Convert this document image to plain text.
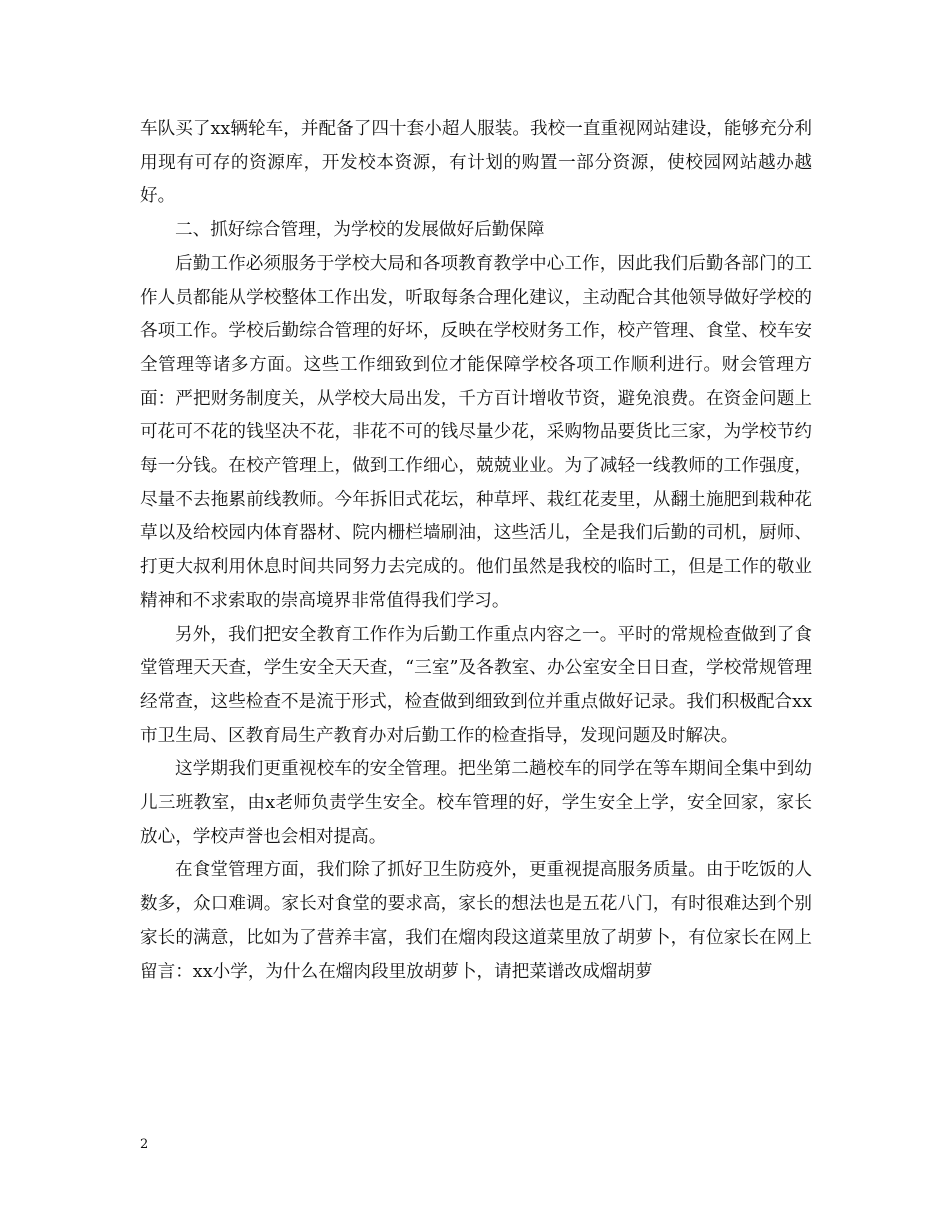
车队买了xx辆轮车，并配备了四十套小超人服装。我校一直重视网站建设，能够充分利用现有可存的资源库，开发校本资源，有计划的购置一部分资源，使校园网站越办越好。

二、抓好综合管理，为学校的发展做好后勤保障

后勤工作必须服务于学校大局和各项教育教学中心工作，因此我们后勤各部门的工作人员都能从学校整体工作出发，听取每条合理化建议，主动配合其他领导做好学校的各项工作。学校后勤综合管理的好坏，反映在学校财务工作，校产管理、食堂、校车安全管理等诸多方面。这些工作细致到位才能保障学校各项工作顺利进行。财会管理方面：严把财务制度关，从学校大局出发，千方百计增收节资，避免浪费。在资金问题上可花可不花的钱坚决不花，非花不可的钱尽量少花，采购物品要货比三家，为学校节约每一分钱。在校产管理上，做到工作细心，兢兢业业。为了减轻一线教师的工作强度，尽量不去拖累前线教师。今年拆旧式花坛，种草坪、栽红花麦里，从翻土施肥到栽种花草以及给校园内体育器材、院内栅栏墙刷油，这些活儿，全是我们后勤的司机，厨师、打更大叔利用休息时间共同努力去完成的。他们虽然是我校的临时工，但是工作的敬业精神和不求索取的崇高境界非常值得我们学习。

另外，我们把安全教育工作作为后勤工作重点内容之一。平时的常规检查做到了食堂管理天天查，学生安全天天查，“三室”及各教室、办公室安全日日查，学校常规管理经常查，这些检查不是流于形式，检查做到细致到位并重点做好记录。我们积极配合xx市卫生局、区教育局生产教育办对后勤工作的检查指导，发现问题及时解决。

这学期我们更重视校车的安全管理。把坐第二趟校车的同学在等车期间全集中到幼儿三班教室，由x老师负责学生安全。校车管理的好，学生安全上学，安全回家，家长放心，学校声誉也会相对提高。

在食堂管理方面，我们除了抓好卫生防疫外，更重视提高服务质量。由于吃饭的人数多，众口难调。家长对食堂的要求高，家长的想法也是五花八门，有时很难达到个别家长的满意，比如为了营养丰富，我们在熘肉段这道菜里放了胡萝卜，有位家长在网上留言：xx小学，为什么在熘肉段里放胡萝卜，请把菜谱改成熘胡萝

2
